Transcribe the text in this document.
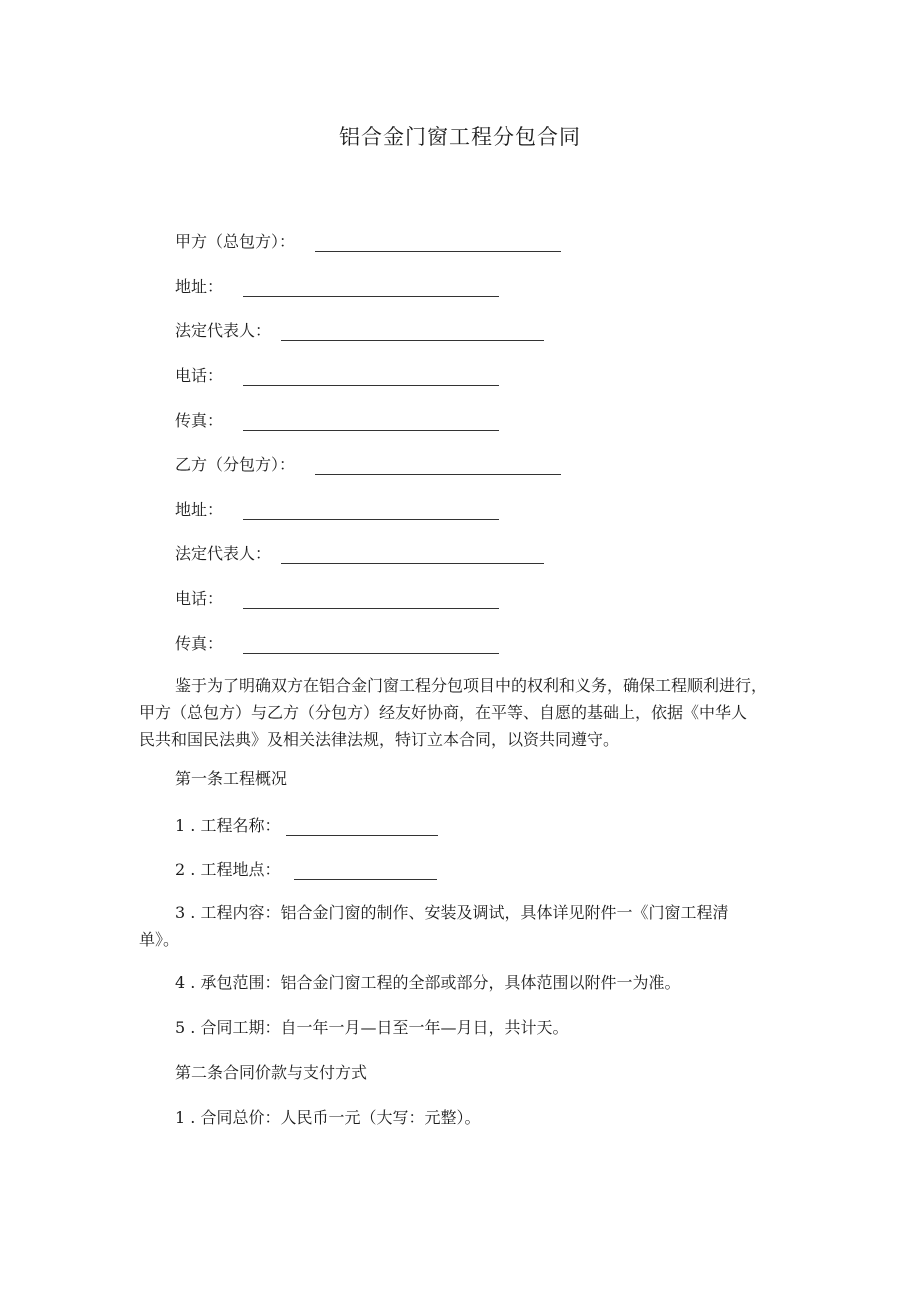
铝合金门窗工程分包合同
甲方（总包方）：
地址：
法定代表人：
电话：
传真：
乙方（分包方）：
地址：
法定代表人：
电话：
传真：
鉴于为了明确双方在铝合金门窗工程分包项目中的权利和义务，确保工程顺利进行，
甲方（总包方）与乙方（分包方）经友好协商，在平等、自愿的基础上，依据《中华人
民共和国民法典》及相关法律法规，特订立本合同，以资共同遵守。
第一条工程概况
1 . 工程名称：
2 . 工程地点：
3 . 工程内容：铝合金门窗的制作、安装及调试，具体详见附件一《门窗工程清
单》。
4 . 承包范围：铝合金门窗工程的全部或部分，具体范围以附件一为准。
5 . 合同工期：自一年一月—日至一年—月日，共计天。
第二条合同价款与支付方式
1 . 合同总价：人民币一元（大写：元整）。
